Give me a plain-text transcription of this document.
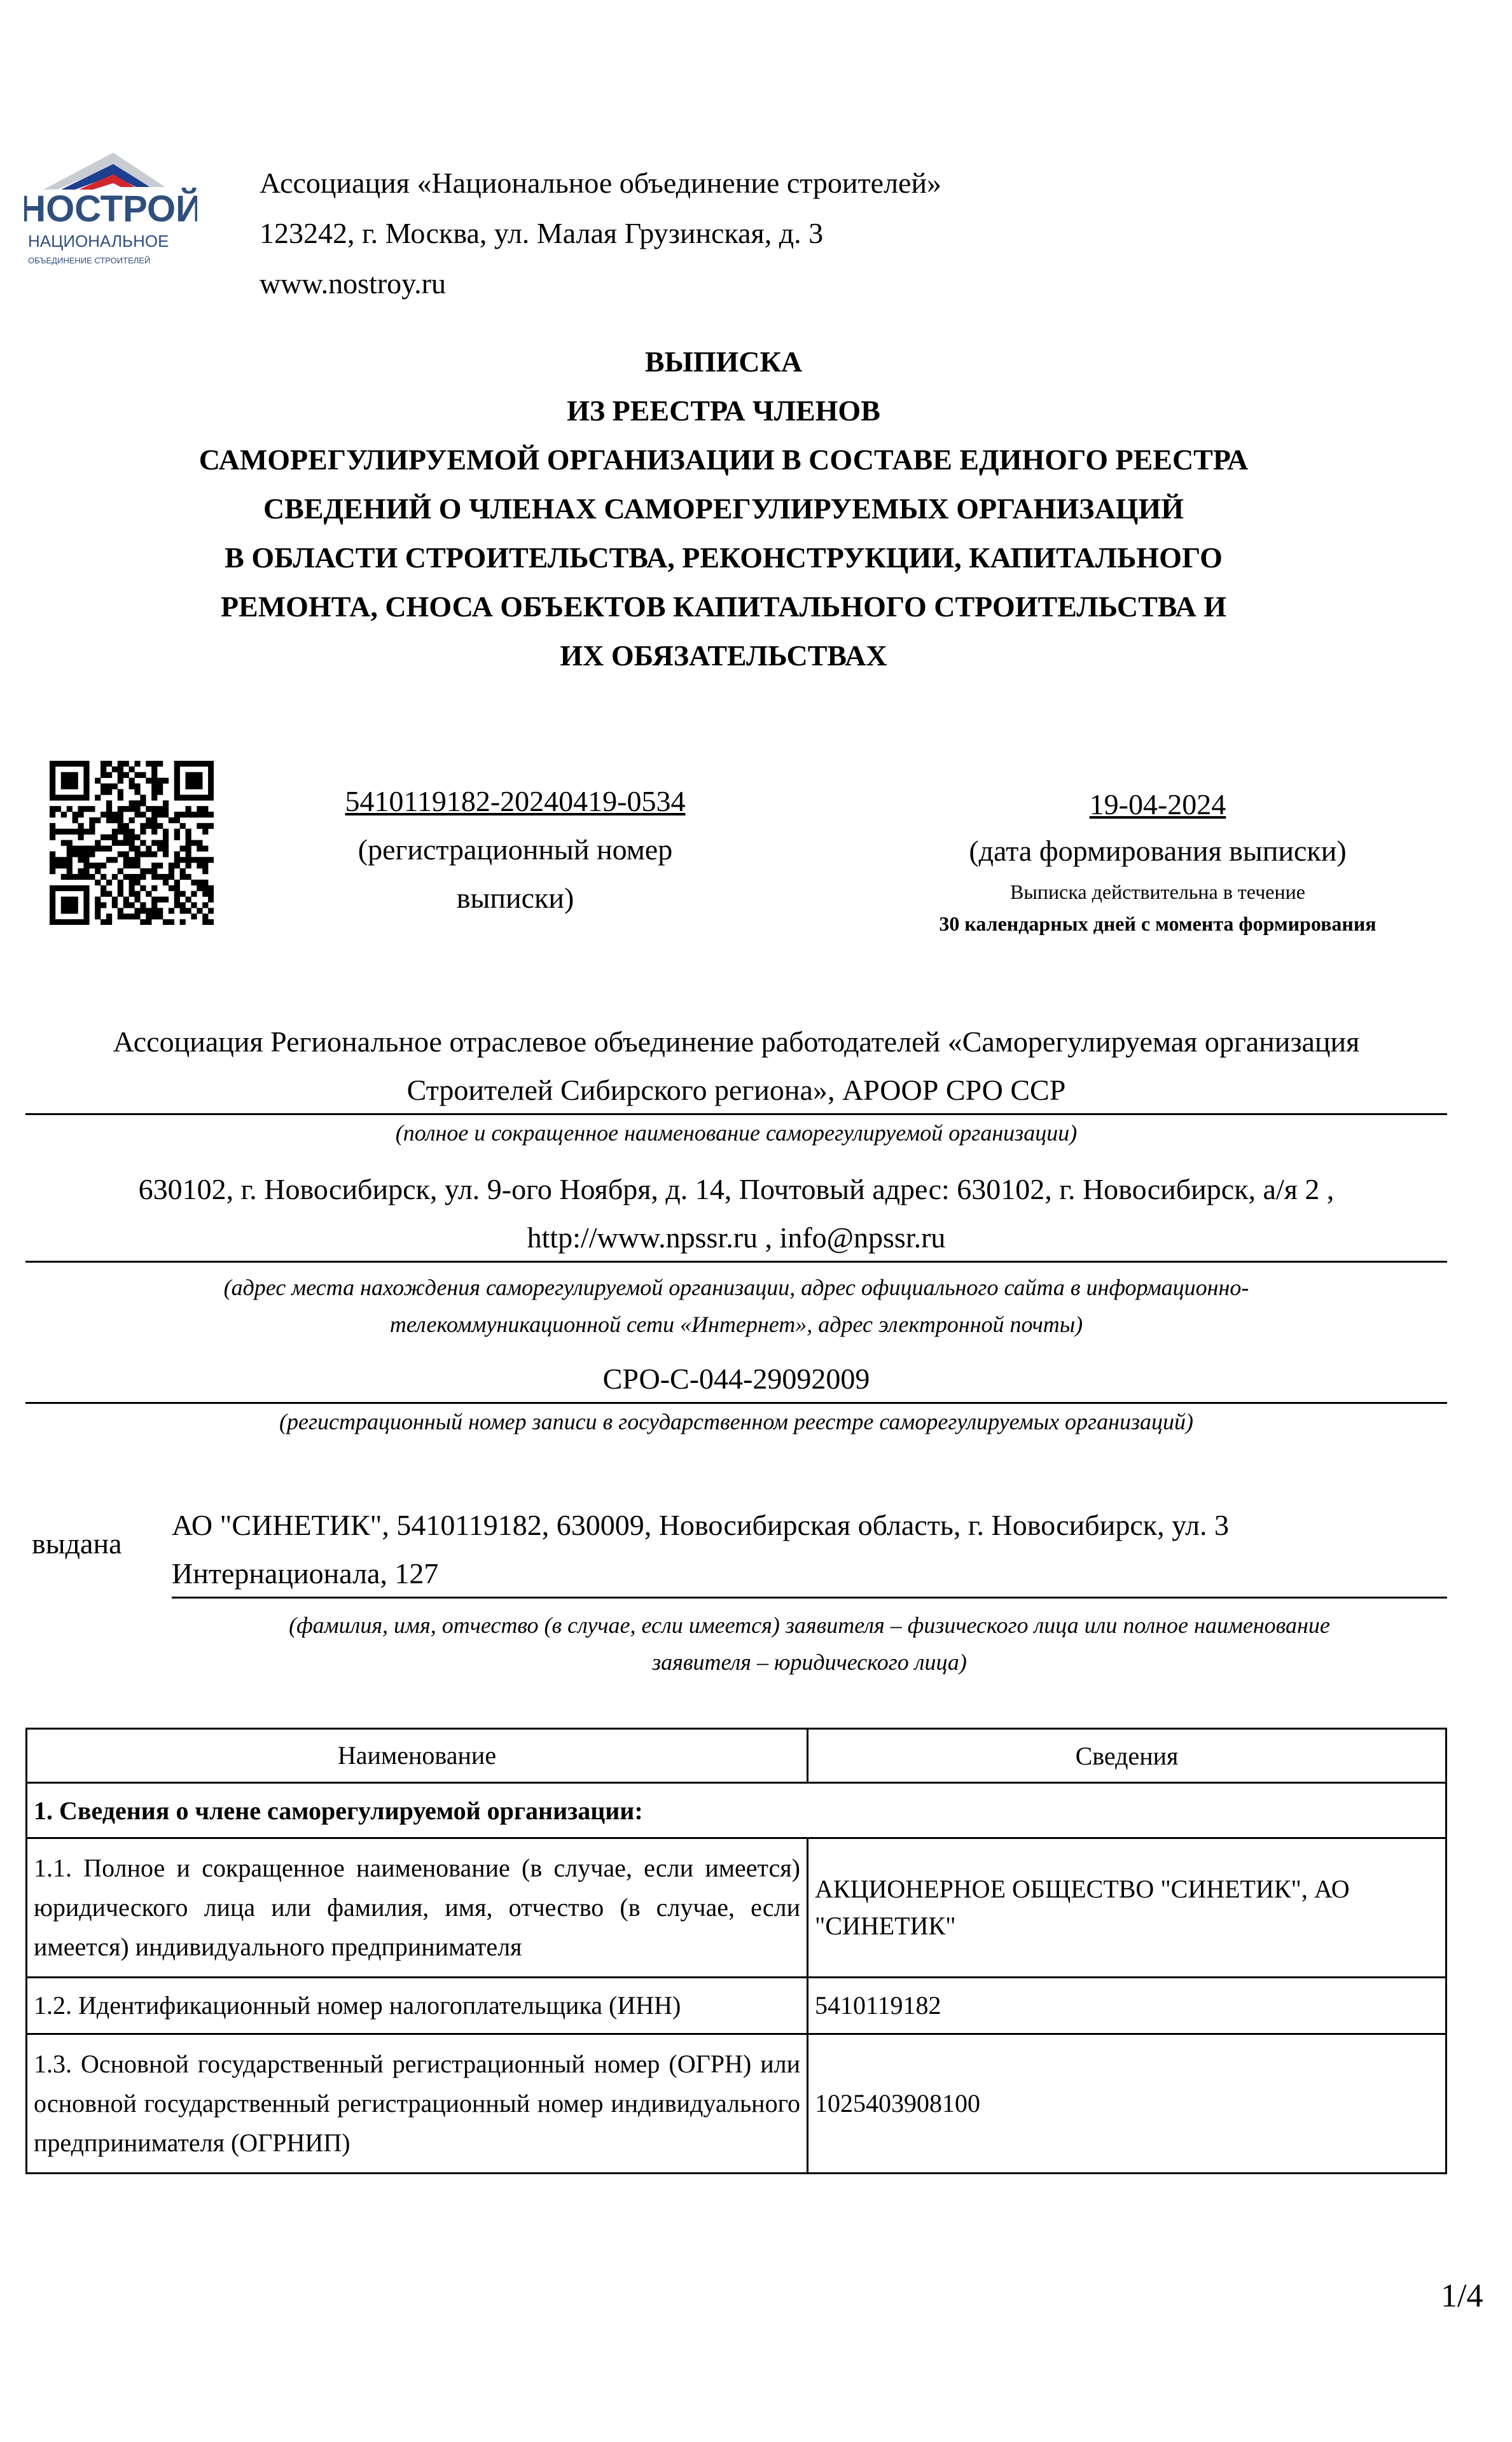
НОСТРОЙ
НАЦИОНАЛЬНОЕ
ОБЪЕДИНЕНИЕ СТРОИТЕЛЕЙ
Ассоциация «Национальное объединение строителей»
123242, г. Москва, ул. Малая Грузинская, д. 3
www.nostroy.ru
ВЫПИСКА
ИЗ РЕЕСТРА ЧЛЕНОВ
САМОРЕГУЛИРУЕМОЙ ОРГАНИЗАЦИИ В СОСТАВЕ ЕДИНОГО РЕЕСТРА
СВЕДЕНИЙ О ЧЛЕНАХ САМОРЕГУЛИРУЕМЫХ ОРГАНИЗАЦИЙ
В ОБЛАСТИ СТРОИТЕЛЬСТВА, РЕКОНСТРУКЦИИ, КАПИТАЛЬНОГО
РЕМОНТА, СНОСА ОБЪЕКТОВ КАПИТАЛЬНОГО СТРОИТЕЛЬСТВА И
ИХ ОБЯЗАТЕЛЬСТВАХ
5410119182-20240419-0534
(регистрационный номер
выписки)
19-04-2024
(дата формирования выписки)
Выписка действительна в течение
30 календарных дней с момента формирования
Ассоциация Региональное отраслевое объединение работодателей «Саморегулируемая организация
Строителей Сибирского региона», АРООР СРО ССР
(полное и сокращенное наименование саморегулируемой организации)
630102, г. Новосибирск, ул. 9-ого Ноября, д. 14, Почтовый адрес: 630102, г. Новосибирск, а/я 2 ,
http://www.npssr.ru , info@npssr.ru
(адрес места нахождения саморегулируемой организации, адрес официального сайта в информационно-
телекоммуникационной сети «Интернет», адрес электронной почты)
СРО-С-044-29092009
(регистрационный номер записи в государственном реестре саморегулируемых организаций)
выдана
АО "СИНЕТИК", 5410119182, 630009, Новосибирская область, г. Новосибирск, ул. 3
Интернационала, 127
(фамилия, имя, отчество (в случае, если имеется) заявителя – физического лица или полное наименование
заявителя – юридического лица)
Наименование	Сведения
1. Сведения о члене саморегулируемой организации:	
1.1. Полное и сокращенное наименование (в случае, если имеется) юридического лица или фамилия, имя, отчество (в случае, если имеется) индивидуального предпринимателя	АКЦИОНЕРНОЕ ОБЩЕСТВО "СИНЕТИК", АО "СИНЕТИК"
1.2. Идентификационный номер налогоплательщика (ИНН)	5410119182
1.3. Основной государственный регистрационный номер (ОГРН) или основной государственный регистрационный номер индивидуального предпринимателя (ОГРНИП)	1025403908100
1/4
